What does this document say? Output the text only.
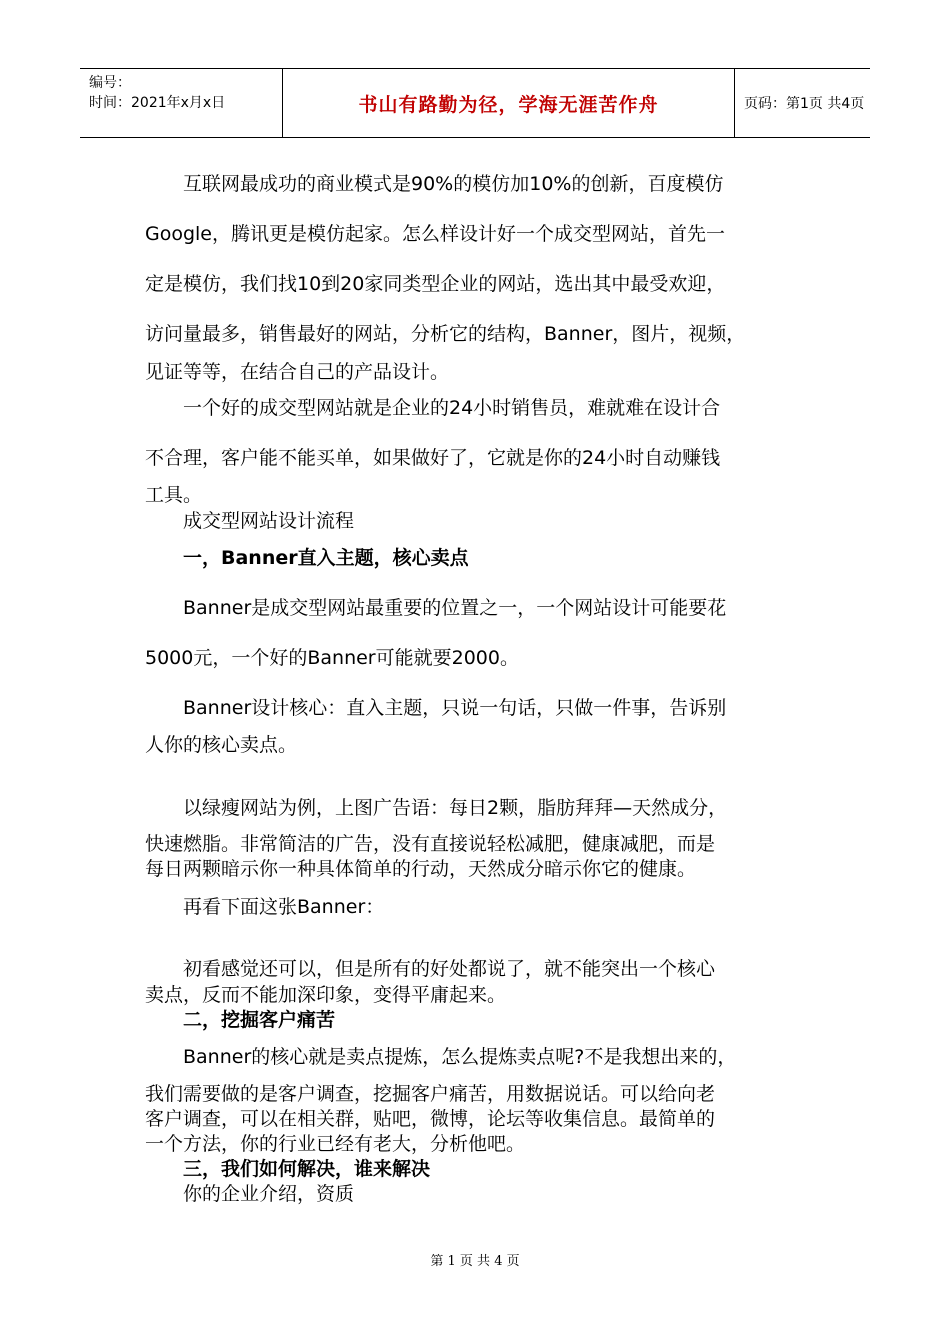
编号：
时间：2021年x月x日	书山有路勤为径，学海无涯苦作舟	页码：第1页 共4页
互联网最成功的商业模式是90%的模仿加10%的创新，百度模仿
Google，腾讯更是模仿起家。怎么样设计好一个成交型网站，首先一
定是模仿，我们找10到20家同类型企业的网站，选出其中最受欢迎，
访问量最多，销售最好的网站，分析它的结构，Banner，图片，视频，
见证等等，在结合自己的产品设计。
一个好的成交型网站就是企业的24小时销售员，难就难在设计合
不合理，客户能不能买单，如果做好了，它就是你的24小时自动赚钱
工具。
成交型网站设计流程
一，Banner直入主题，核心卖点
Banner是成交型网站最重要的位置之一，一个网站设计可能要花
5000元，一个好的Banner可能就要2000。
Banner设计核心：直入主题，只说一句话，只做一件事，告诉别
人你的核心卖点。
以绿瘦网站为例，上图广告语：每日2颗，脂肪拜拜—天然成分，
快速燃脂。非常简洁的广告，没有直接说轻松减肥，健康减肥，而是
每日两颗暗示你一种具体简单的行动，天然成分暗示你它的健康。
再看下面这张Banner：
初看感觉还可以，但是所有的好处都说了，就不能突出一个核心
卖点，反而不能加深印象，变得平庸起来。
二，挖掘客户痛苦
Banner的核心就是卖点提炼，怎么提炼卖点呢?不是我想出来的，
我们需要做的是客户调查，挖掘客户痛苦，用数据说话。可以给向老
客户调查，可以在相关群，贴吧，微博，论坛等收集信息。最简单的
一个方法，你的行业已经有老大，分析他吧。
三，我们如何解决，谁来解决
你的企业介绍，资质
第 1 页 共 4 页
